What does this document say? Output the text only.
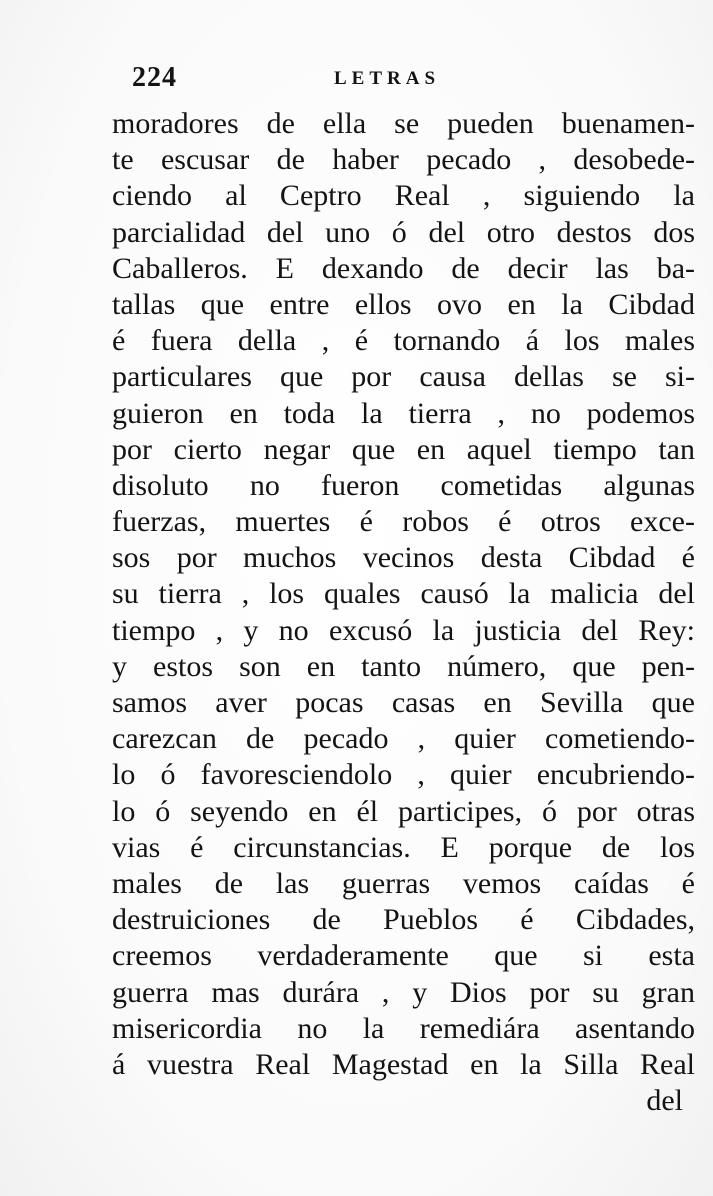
224	LETRAS
moradores de ella se pueden buenamen-
te escusar de haber pecado , desobede-
ciendo al Ceptro Real , siguiendo la
parcialidad del uno ó del otro destos dos
Caballeros. E dexando de decir las ba-
tallas que entre ellos ovo en la Cibdad
é fuera della , é tornando á los males
particulares que por causa dellas se si-
guieron en toda la tierra , no podemos
por cierto negar que en aquel tiempo tan
disoluto no fueron cometidas algunas
fuerzas, muertes é robos é otros exce-
sos por muchos vecinos desta Cibdad é
su tierra , los quales causó la malicia del
tiempo , y no excusó la justicia del Rey:
y estos son en tanto número, que pen-
samos aver pocas casas en Sevilla que
carezcan de pecado , quier cometiendo-
lo ó favoresciendolo , quier encubriendo-
lo ó seyendo en él participes, ó por otras
vias é circunstancias. E porque de los
males de las guerras vemos caídas é
destruiciones de Pueblos é Cibdades,
creemos verdaderamente que si esta
guerra mas durára , y Dios por su gran
misericordia no la remediára asentando
á vuestra Real Magestad en la Silla Real
del
